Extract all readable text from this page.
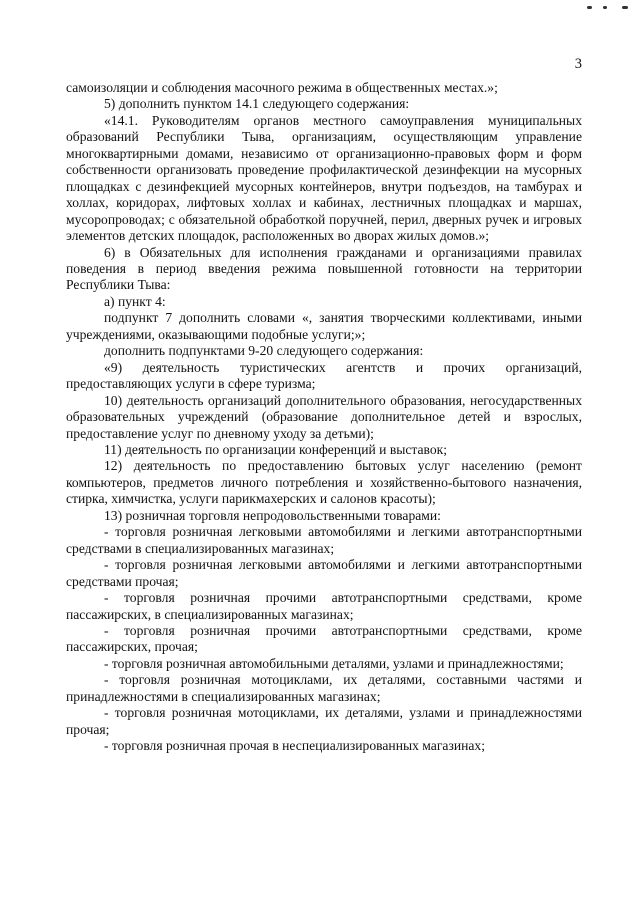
3

самоизоляции и соблюдения масочного режима в общественных местах.»;

5) дополнить пунктом 14.1 следующего содержания:

«14.1. Руководителям органов местного самоуправления муниципальных образований Республики Тыва, организациям, осуществляющим управление многоквартирными домами, независимо от организационно-правовых форм и форм собственности организовать проведение профилактической дезинфекции на мусорных площадках с дезинфекцией мусорных контейнеров, внутри подъездов, на тамбурах и холлах, коридорах, лифтовых холлах и кабинах, лестничных площадках и маршах, мусоропроводах; с обязательной обработкой поручней, перил, дверных ручек и игровых элементов детских площадок, расположенных во дворах жилых домов.»;

6) в Обязательных для исполнения гражданами и организациями правилах поведения в период введения режима повышенной готовности на территории Республики Тыва:

а) пункт 4:

подпункт 7 дополнить словами «, занятия творческими коллективами, иными учреждениями, оказывающими подобные услуги;»;

дополнить подпунктами 9-20 следующего содержания:

«9) деятельность туристических агентств и прочих организаций, предоставляющих услуги в сфере туризма;

10) деятельность организаций дополнительного образования, негосударственных образовательных учреждений (образование дополнительное детей и взрослых, предоставление услуг по дневному уходу за детьми);

11) деятельность по организации конференций и выставок;

12) деятельность по предоставлению бытовых услуг населению (ремонт компьютеров, предметов личного потребления и хозяйственно-бытового назначения, стирка, химчистка, услуги парикмахерских и салонов красоты);

13) розничная торговля непродовольственными товарами:

- торговля розничная легковыми автомобилями и легкими автотранспортными средствами в специализированных магазинах;

- торговля розничная легковыми автомобилями и легкими автотранспортными средствами прочая;

- торговля розничная прочими автотранспортными средствами, кроме пассажирских, в специализированных магазинах;

- торговля розничная прочими автотранспортными средствами, кроме пассажирских, прочая;

- торговля розничная автомобильными деталями, узлами и принадлежностями;

- торговля розничная мотоциклами, их деталями, составными частями и принадлежностями в специализированных магазинах;

- торговля розничная мотоциклами, их деталями, узлами и принадлежностями прочая;

- торговля розничная прочая в неспециализированных магазинах;
